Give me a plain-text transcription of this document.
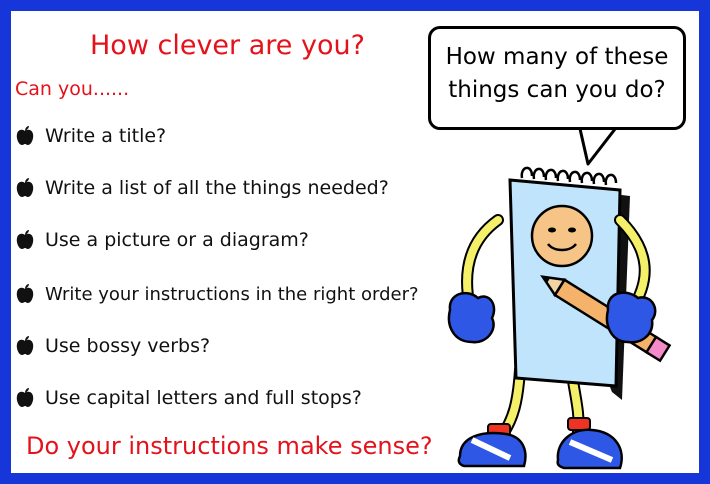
How clever are you?
Can you......
Write a title?
Write a list of all the things needed?
Use a picture or a diagram?
Write your instructions in the right order?
Use bossy verbs?
Use capital letters and full stops?
Do your instructions make sense?
How many of these
things can you do?
